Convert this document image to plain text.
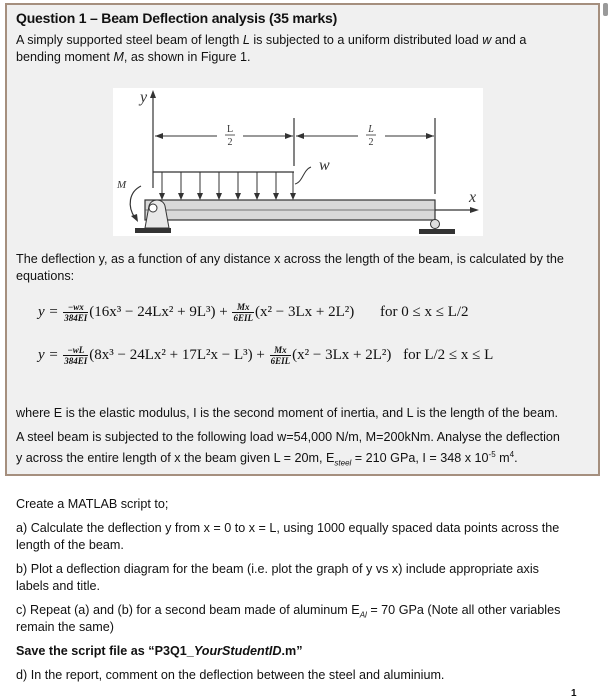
Question 1 – Beam Deflection analysis (35 marks)
A simply supported steel beam of length L is subjected to a uniform distributed load w and a
bending moment M, as shown in Figure 1.
y
L
2
L
2
w
x
M
The deflection y, as a function of any distance x across the length of the beam, is calculated by the
equations:
$y = \frac{-wx}{384EI} (16x^3 - 24Lx^2 + 9L^3) + \frac{Mx}{\text{6EIL}} (x^2 - 3Lx + 2L^2)$ for 0 ≤ x ≤ L/2
$y = \frac{-wL}{384EI} (8x^3 - 24Lx^2 + 17L^2x - L^3) + \frac{Mx}{\text{6EIL}} (x^2 - 3Lx + 2L^2)$ for L/2 ≤ x ≤ L
where E is the elastic modulus, I is the second moment of inertia, and L is the length of the beam.
A steel beam is subjected to the following load w=54,000 N/m, M=200kNm. Analyse the deflection
y across the entire length of x the beam given L = 20m, $E_{steel} = 210$ GPa, I = 348 x $10^{-5}$ $m^4$.
Create a MATLAB script to;
a) Calculate the deflection y from x = 0 to x = L, using 1000 equally spaced data points across the
length of the beam.
b) Plot a deflection diagram for the beam (i.e. plot the graph of y vs x) include appropriate axis
labels and title.
c) Repeat (a) and (b) for a second beam made of aluminum $E_{Al} = 70$ GPa (Note all other variables
remain the same)
Save the script file as “P3Q1_YourStudentID.m”
d) In the report, comment on the deflection between the steel and aluminium.
1
